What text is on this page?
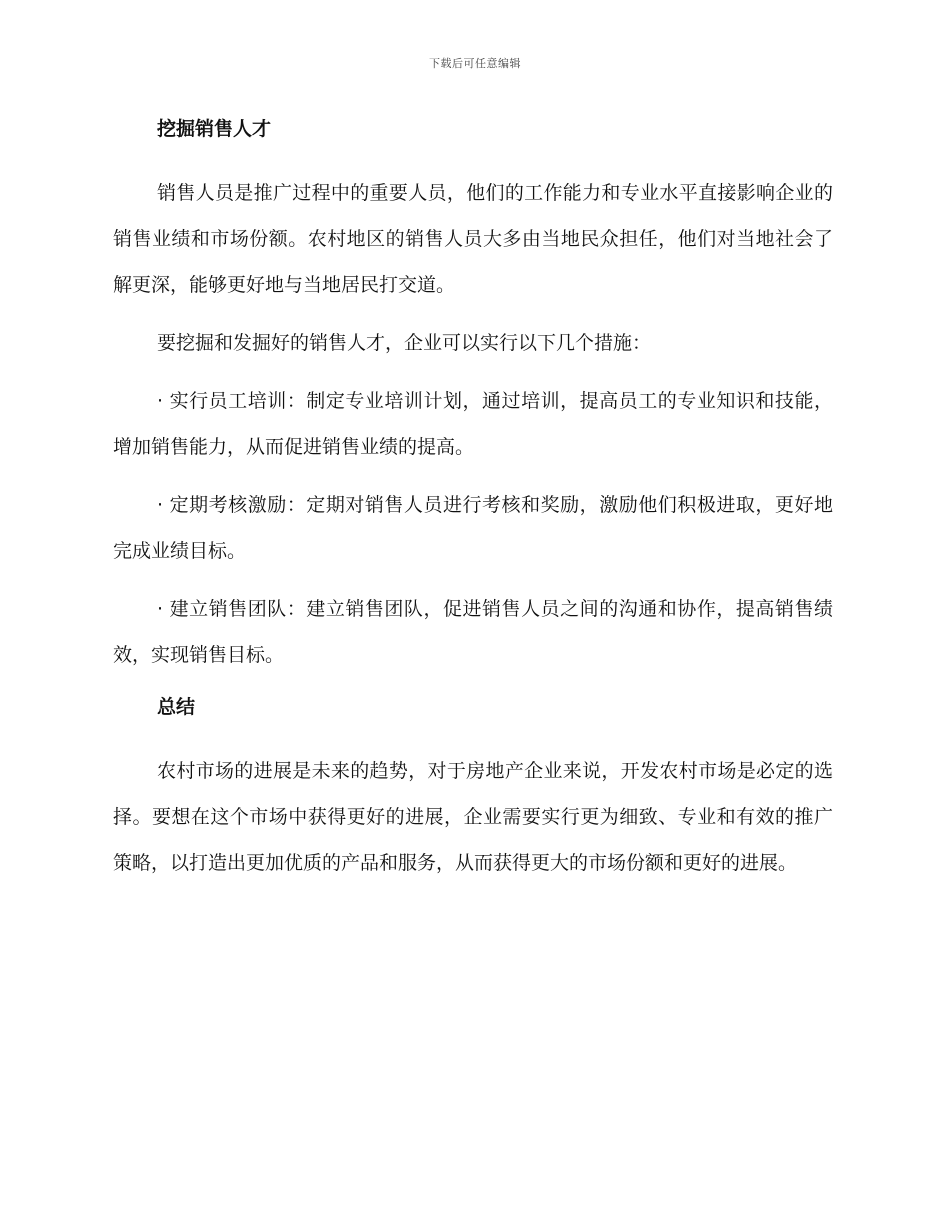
下载后可任意编辑
挖掘销售人才

销售人员是推广过程中的重要人员，他们的工作能力和专业水平直接影响企业的销售业绩和市场份额。农村地区的销售人员大多由当地民众担任，他们对当地社会了解更深，能够更好地与当地居民打交道。

要挖掘和发掘好的销售人才，企业可以实行以下几个措施：

· 实行员工培训：制定专业培训计划，通过培训，提高员工的专业知识和技能，增加销售能力，从而促进销售业绩的提高。

· 定期考核激励：定期对销售人员进行考核和奖励，激励他们积极进取，更好地完成业绩目标。

· 建立销售团队：建立销售团队，促进销售人员之间的沟通和协作，提高销售绩效，实现销售目标。

总结

农村市场的进展是未来的趋势，对于房地产企业来说，开发农村市场是必定的选择。要想在这个市场中获得更好的进展，企业需要实行更为细致、专业和有效的推广策略，以打造出更加优质的产品和服务，从而获得更大的市场份额和更好的进展。
